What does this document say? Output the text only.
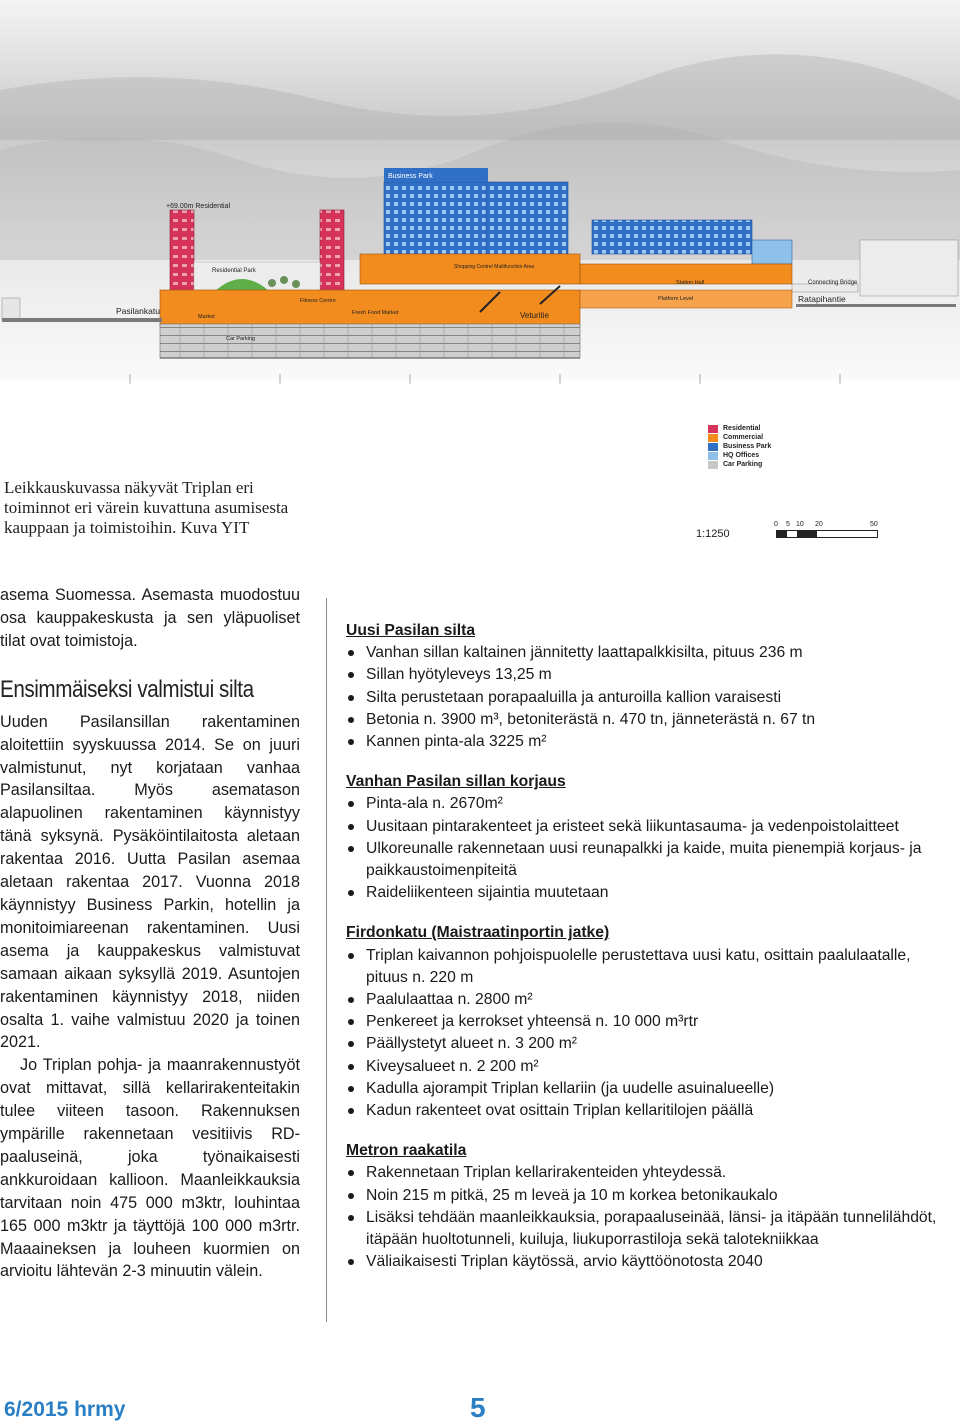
Business Park
+69.00m Residential
Residential Park
Shopping Centre/ Multifunction Area
Station Hall	Connecting Bridge
Pasilankatu
Ratapihantie
Platform Level
Market
Fresh Food Market	Veturitie
Car Parking
Fitness Centre
Residential
Commercial
Business Park
HQ Offices
Car Parking
Leikkauskuvassa näkyvät Triplan eri toiminnot eri värein kuvattuna asumisesta kauppaan ja toimistoihin. Kuva YIT	1:1250
0 5 10 20	50

asema Suomessa. Asemasta muodostuu osa kauppakeskusta ja sen yläpuoliset tilat ovat toimistoja.

Ensimmäiseksi valmistui silta

Uuden Pasilansillan rakentaminen aloitettiin syyskuussa 2014. Se on juuri valmistunut, nyt korjataan vanhaa Pasilansiltaa. Myös asematason alapuolinen rakentaminen käynnistyy tänä syksynä. Pysäköintilaitosta aletaan rakentaa 2016. Uutta Pasilan asemaa aletaan rakentaa 2017. Vuonna 2018 käynnistyy Business Parkin, hotellin ja monitoimiareenan rakentaminen. Uusi asema ja kauppakeskus valmistuvat samaan aikaan syksyllä 2019. Asuntojen rakentaminen käynnistyy 2018, niiden osalta 1. vaihe valmistuu 2020 ja toinen 2021.

Jo Triplan pohja- ja maanrakennustyöt ovat mittavat, sillä kellarirakenteitakin tulee viiteen tasoon. Rakennuksen ympärille rakennetaan vesitiivis RD-paaluseinä, joka työnaikaisesti ankkuroidaan kallioon. Maanleikkauksia tarvitaan noin 475 000 m3ktr, louhintaa 165 000 m3ktr ja täyttöjä 100 000 m3rtr. Maaaineksen ja louheen kuormien on arvioitu lähtevän 2-3 minuutin välein.

Uusi Pasilan silta
Vanhan sillan kaltainen jännitetty laattapalkkisilta, pituus 236 m
Sillan hyötyleveys 13,25 m
Silta perustetaan porapaaluilla ja anturoilla kallion varaisesti
Betonia n. 3900 m³, betoniterästä n. 470 tn, jänneterästä n. 67 tn
Kannen pinta-ala 3225 m²
Vanhan Pasilan sillan korjaus
Pinta-ala n. 2670m²
Uusitaan pintarakenteet ja eristeet sekä liikuntasauma- ja vedenpoistolaitteet
Ulkoreunalle rakennetaan uusi reunapalkki ja kaide, muita pienempiä korjaus- ja paikkaustoimenpiteitä
Raideliikenteen sijaintia muutetaan
Firdonkatu (Maistraatinportin jatke)
Triplan kaivannon pohjoispuolelle perustettava uusi katu, osittain paalulaatalle, pituus n. 220 m
Paalulaattaa n. 2800 m²
Penkereet ja kerrokset yhteensä n. 10 000 m³rtr
Päällystetyt alueet n. 3 200 m²
Kiveysalueet n. 2 200 m²
Kadulla ajorampit Triplan kellariin (ja uudelle asuinalueelle)
Kadun rakenteet ovat osittain Triplan kellaritilojen päällä
Metron raakatila
Rakennetaan Triplan kellarirakenteiden yhteydessä.
Noin 215 m pitkä, 25 m leveä ja 10 m korkea betonikaukalo
Lisäksi tehdään maanleikkauksia, porapaaluseinää, länsi- ja itäpään tunnelilähdöt, itäpään huoltotunneli, kuiluja, liukuporrastiloja sekä talotekniikkaa
Väliaikaisesti Triplan käytössä, arvio käyttöönotosta 2040
6/2015 hrmy	5
